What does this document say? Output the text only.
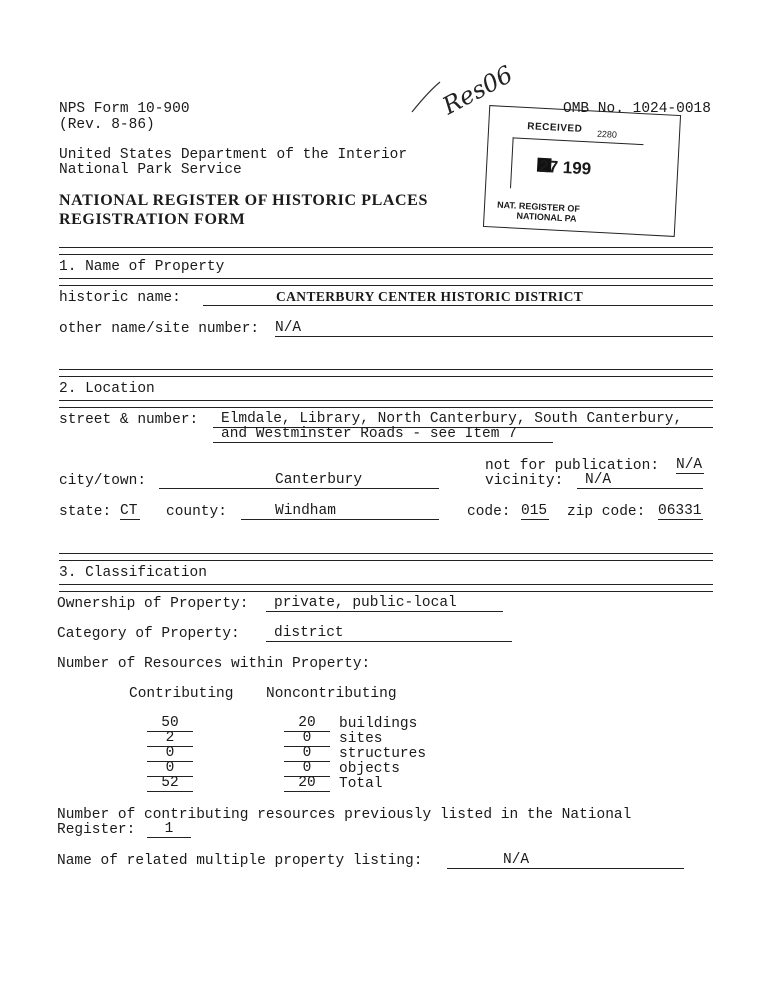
NPS Form 10-900
(Rev. 8-86)
OMB No. 1024-0018
United States Department of the Interior
National Park Service
NATIONAL REGISTER OF HISTORIC PLACES
REGISTRATION FORM
Res06
RECEIVED 2280
27 199
NAT. REGISTER OF
NATIONAL PA
1. Name of Property
historic name:	CANTERBURY CENTER HISTORIC DISTRICT
other name/site number: N/A
2. Location
street & number: Elmdale, Library, North Canterbury, South Canterbury,
and Westminster Roads - see Item 7
not for publication: N/A
city/town:	Canterbury	vicinity: N/A
state: CT county:	Windham	code: 015 zip code: 06331
3. Classification
Ownership of Property: private, public-local
Category of Property: district
Number of Resources within Property:
Contributing Noncontributing
50	20	buildings
2	0	sites
0	0	structures
0	0	objects
52	20	Total
Number of contributing resources previously listed in the National
Register:	1
Name of related multiple property listing:	N/A
